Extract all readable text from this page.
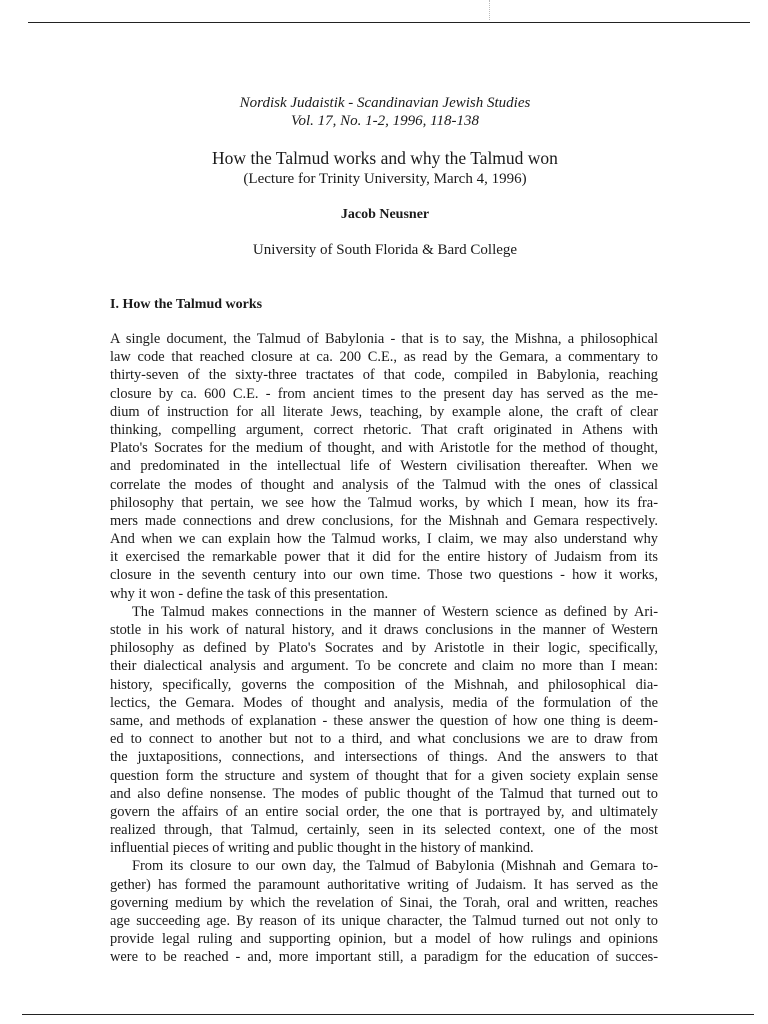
Nordisk Judaistik - Scandinavian Jewish Studies
Vol. 17, No. 1-2, 1996, 118-138
How the Talmud works and why the Talmud won
(Lecture for Trinity University, March 4, 1996)
Jacob Neusner
University of South Florida & Bard College
I. How the Talmud works
A single document, the Talmud of Babylonia - that is to say, the Mishna, a philosophical
law code that reached closure at ca. 200 C.E., as read by the Gemara, a commentary to
thirty-seven of the sixty-three tractates of that code, compiled in Babylonia, reaching
closure by ca. 600 C.E. - from ancient times to the present day has served as the me-
dium of instruction for all literate Jews, teaching, by example alone, the craft of clear
thinking, compelling argument, correct rhetoric. That craft originated in Athens with
Plato's Socrates for the medium of thought, and with Aristotle for the method of thought,
and predominated in the intellectual life of Western civilisation thereafter. When we
correlate the modes of thought and analysis of the Talmud with the ones of classical
philosophy that pertain, we see how the Talmud works, by which I mean, how its fra-
mers made connections and drew conclusions, for the Mishnah and Gemara respectively.
And when we can explain how the Talmud works, I claim, we may also understand why
it exercised the remarkable power that it did for the entire history of Judaism from its
closure in the seventh century into our own time. Those two questions - how it works,
why it won - define the task of this presentation.
The Talmud makes connections in the manner of Western science as defined by Ari-
stotle in his work of natural history, and it draws conclusions in the manner of Western
philosophy as defined by Plato's Socrates and by Aristotle in their logic, specifically,
their dialectical analysis and argument. To be concrete and claim no more than I mean:
history, specifically, governs the composition of the Mishnah, and philosophical dia-
lectics, the Gemara. Modes of thought and analysis, media of the formulation of the
same, and methods of explanation - these answer the question of how one thing is deem-
ed to connect to another but not to a third, and what conclusions we are to draw from
the juxtapositions, connections, and intersections of things. And the answers to that
question form the structure and system of thought that for a given society explain sense
and also define nonsense. The modes of public thought of the Talmud that turned out to
govern the affairs of an entire social order, the one that is portrayed by, and ultimately
realized through, that Talmud, certainly, seen in its selected context, one of the most
influential pieces of writing and public thought in the history of mankind.
From its closure to our own day, the Talmud of Babylonia (Mishnah and Gemara to-
gether) has formed the paramount authoritative writing of Judaism. It has served as the
governing medium by which the revelation of Sinai, the Torah, oral and written, reaches
age succeeding age. By reason of its unique character, the Talmud turned out not only to
provide legal ruling and supporting opinion, but a model of how rulings and opinions
were to be reached - and, more important still, a paradigm for the education of succes-
